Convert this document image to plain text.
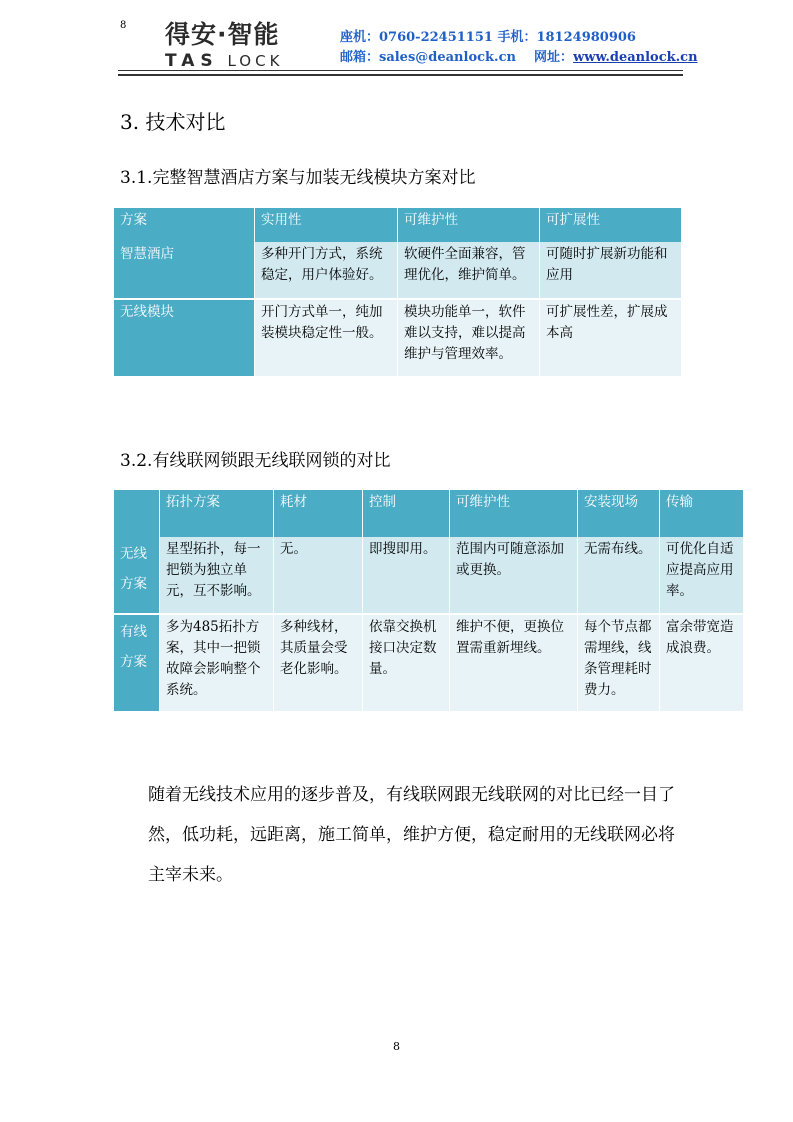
8 得安·智能
TAS LOCK
座机：0760-22451151 手机：18124980906
邮箱：sales@deanlock.cn 网址：www.deanlock.cn
3. 技术对比
3.1.完整智慧酒店方案与加装无线模块方案对比
方案	实用性	可维护性	可扩展性
智慧酒店	多种开门方式，系统稳定，用户体验好。	软硬件全面兼容，管理优化，维护简单。	可随时扩展新功能和应用
无线模块	开门方式单一，纯加装模块稳定性一般。	模块功能单一，软件难以支持，难以提高维护与管理效率。	可扩展性差，扩展成本高
3.2.有线联网锁跟无线联网锁的对比
	拓扑方案	耗材	控制	可维护性	安装现场	传输
无线方案	星型拓扑，每一把锁为独立单元，互不影响。	无。	即搜即用。	范围内可随意添加或更换。	无需布线。	可优化自适应提高应用率。
有线方案	多为485拓扑方案，其中一把锁故障会影响整个系统。	多种线材，其质量会受老化影响。	依靠交换机接口决定数量。	维护不便，更换位置需重新埋线。	每个节点都需埋线，线条管理耗时费力。	富余带宽造成浪费。
随着无线技术应用的逐步普及，有线联网跟无线联网的对比已经一目了然，低功耗，远距离，施工简单，维护方便，稳定耐用的无线联网必将主宰未来。
8
